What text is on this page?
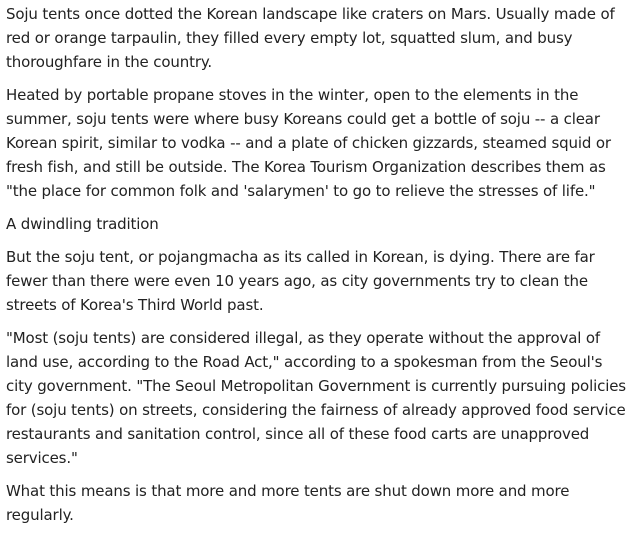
Soju tents once dotted the Korean landscape like craters on Mars. Usually made of red or orange tarpaulin, they filled every empty lot, squatted slum, and busy thoroughfare in the country.

Heated by portable propane stoves in the winter, open to the elements in the summer, soju tents were where busy Koreans could get a bottle of soju -- a clear Korean spirit, similar to vodka -- and a plate of chicken gizzards, steamed squid or fresh fish, and still be outside. The Korea Tourism Organization describes them as "the place for common folk and 'salarymen' to go to relieve the stresses of life."

A dwindling tradition

But the soju tent, or pojangmacha as its called in Korean, is dying. There are far fewer than there were even 10 years ago, as city governments try to clean the streets of Korea's Third World past.

"Most (soju tents) are considered illegal, as they operate without the approval of land use, according to the Road Act," according to a spokesman from the Seoul's city government. "The Seoul Metropolitan Government is currently pursuing policies for (soju tents) on streets, considering the fairness of already approved food service restaurants and sanitation control, since all of these food carts are unapproved services."

What this means is that more and more tents are shut down more and more regularly.
